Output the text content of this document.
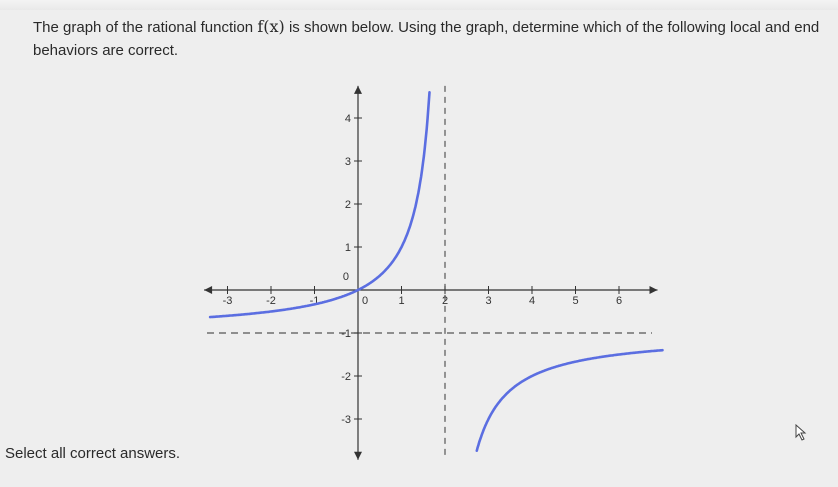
The graph of the rational function f(x) is shown below. Using the graph, determine which of the following local and end behaviors are correct.
-3	-2	-1	0	1	2	3	4	5	6
-3
-2
-1
0
1
2
3
4
Select all correct answers.
